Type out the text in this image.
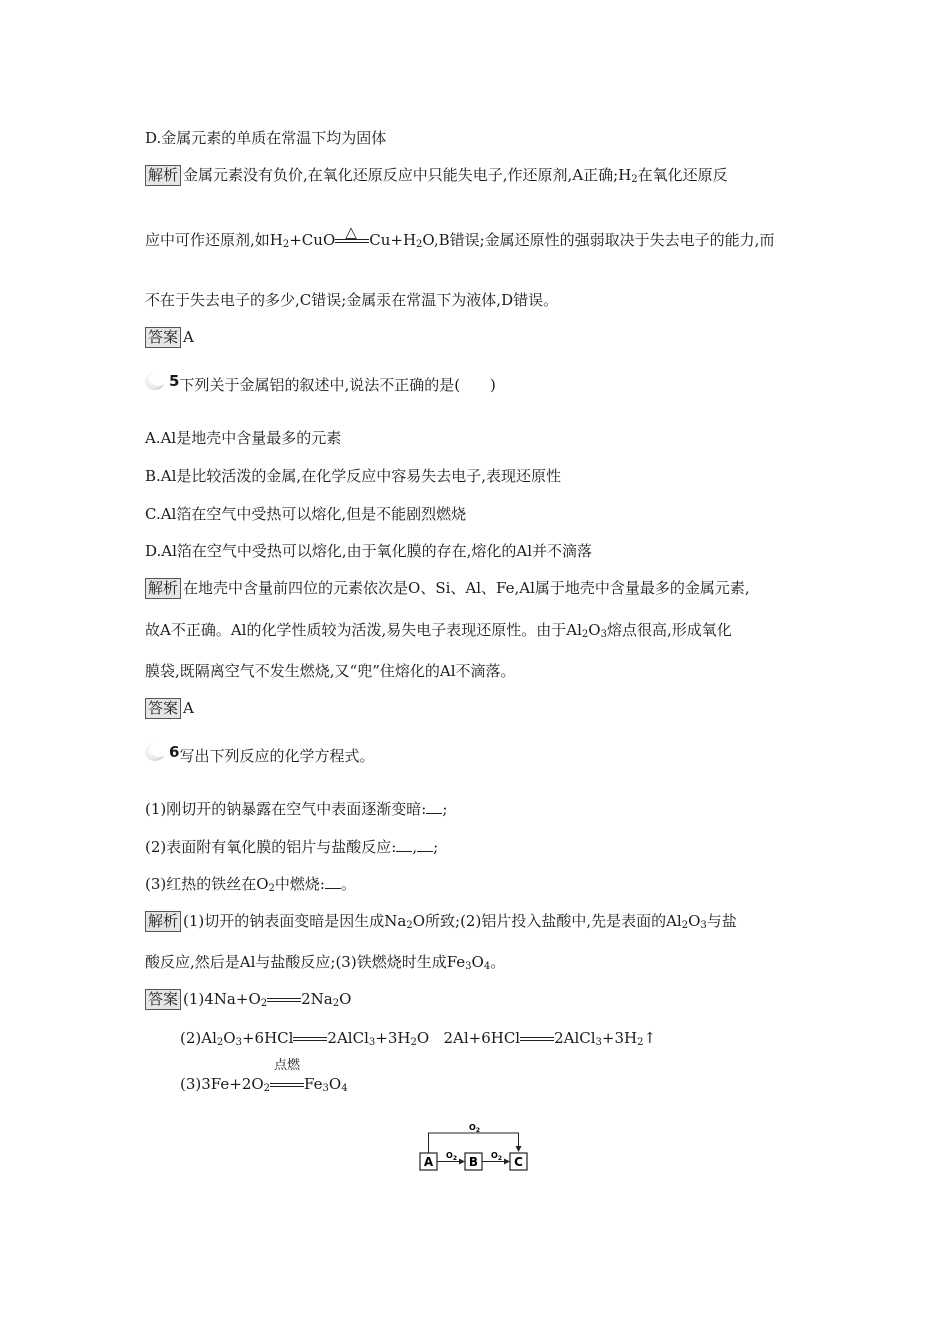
D.金属元素的单质在常温下均为固体
解析 金属元素没有负价,在氧化还原反应中只能失电子,作还原剂,A正确$;H_2$在氧化还原反
应中可作还原剂,如$H_2+CuO$ △ $Cu+H_2O,B$错误;金属还原性的强弱取决于失去电子的能力,而
不在于失去电子的多少,C错误;金属汞在常温下为液体,D错误。
答案 A
5 下列关于金属铝的叙述中,说法不正确的是(　　)
A.Al是地壳中含量最多的元素
B.Al是比较活泼的金属,在化学反应中容易失去电子,表现还原性
C.Al箔在空气中受热可以熔化,但是不能剧烈燃烧
D.Al箔在空气中受热可以熔化,由于氧化膜的存在,熔化的Al并不滴落
解析 在地壳中含量前四位的元素依次是O、Si、Al、Fe,Al属于地壳中含量最多的金属元素,
故A不正确。Al的化学性质较为活泼,易失电子表现还原性。由于$Al_2O_3$熔点很高,形成氧化
膜袋,既隔离空气不发生燃烧,又“兜”住熔化的Al不滴落。
答案 A
6 写出下列反应的化学方程式。
(1)刚切开的钠暴露在空气中表面逐渐变暗: ;
(2)表面附有氧化膜的铝片与盐酸反应: , ;
(3)红热的铁丝在$O_2$中燃烧: 。
解析 (1)切开的钠表面变暗是因生成$Na_2O$所致;(2)铝片投入盐酸中,先是表面的$Al_2O_3$与盐
酸反应,然后是Al与盐酸反应;(3)铁燃烧时生成$Fe_3O_4$。
答案 $(1)4Na+O_2$ $2Na_2O$
$(2)Al_2O_3+6HCl$ $2AlCl_3+3H_2O$ 2Al+6HCl $2AlCl_3+3H_2↑$
$(3)3Fe+2O_2$
点燃
$Fe_3O_4$
A	B	C
$O_2$	$O_2$
$O_2$
